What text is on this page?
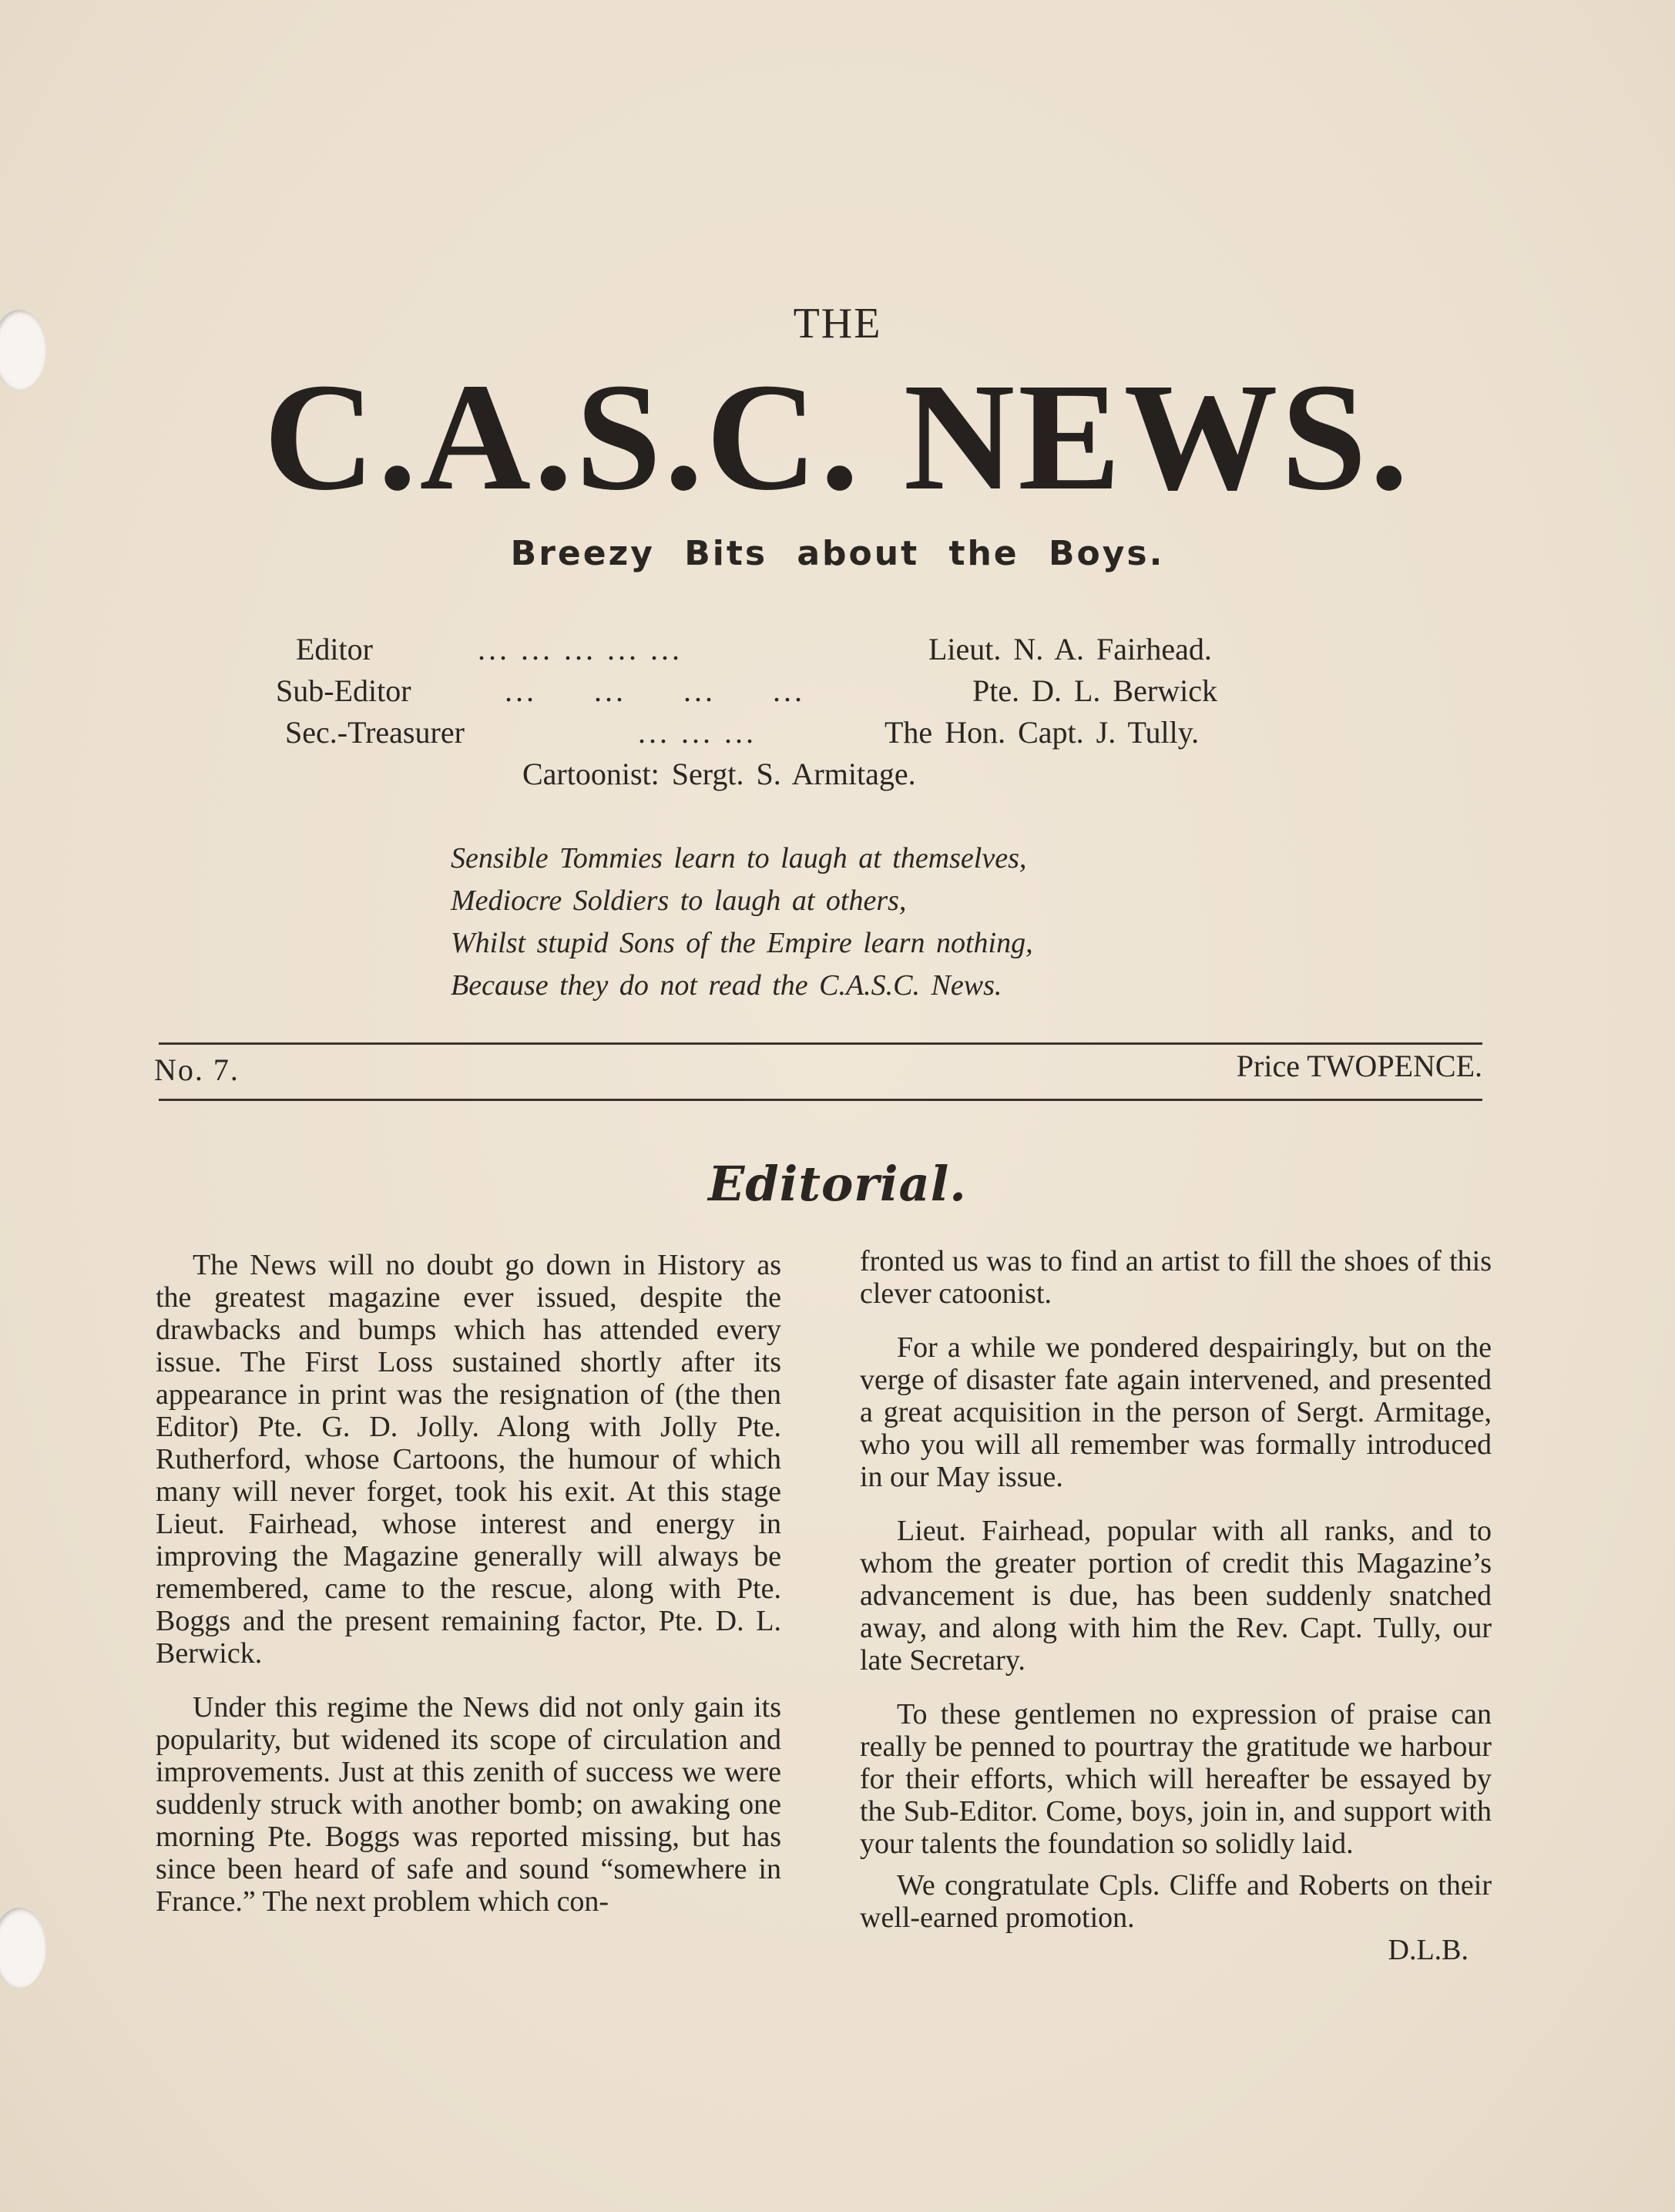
THE
C.A.S.C. NEWS.
Breezy Bits about the Boys.
Editor	... ... ... ... ...	Lieut. N. A. Fairhead.
Sub-Editor	... ... ... ...	Pte. D. L. Berwick
Sec.-Treasurer	... ... ...	The Hon. Capt. J. Tully.
Cartoonist: Sergt. S. Armitage.
Sensible Tommies learn to laugh at themselves,
Mediocre Soldiers to laugh at others,
Whilst stupid Sons of the Empire learn nothing,
Because they do not read the C.A.S.C. News.
No. 7.	Price TWOPENCE.
Editorial.

The News will no doubt go down in History as the greatest magazine ever issued, despite the drawbacks and bumps which has attended every issue. The First Loss sustained shortly after its appearance in print was the resignation of (the then Editor) Pte. G. D. Jolly. Along with Jolly Pte. Rutherford, whose Cartoons, the humour of which many will never forget, took his exit. At this stage Lieut. Fairhead, whose interest and energy in improving the Magazine generally will always be remembered, came to the rescue, along with Pte. Boggs and the present remaining factor, Pte. D. L. Berwick.

Under this regime the News did not only gain its popularity, but widened its scope of circulation and improvements. Just at this zenith of success we were suddenly struck with another bomb; on awaking one morning Pte. Boggs was reported missing, but has since been heard of safe and sound “somewhere in France.” The next problem which con-

fronted us was to find an artist to fill the shoes of this clever catoonist.

For a while we pondered despairingly, but on the verge of disaster fate again intervened, and presented a great acquisition in the person of Sergt. Armitage, who you will all remember was formally introduced in our May issue.

Lieut. Fairhead, popular with all ranks, and to whom the greater portion of credit this Magazine’s advancement is due, has been suddenly snatched away, and along with him the Rev. Capt. Tully, our late Secretary.

To these gentlemen no expression of praise can really be penned to pourtray the gratitude we harbour for their efforts, which will hereafter be essayed by the Sub-Editor. Come, boys, join in, and support with your talents the foundation so solidly laid.

We congratulate Cpls. Cliffe and Roberts on their well-earned promotion.

D.L.B.
